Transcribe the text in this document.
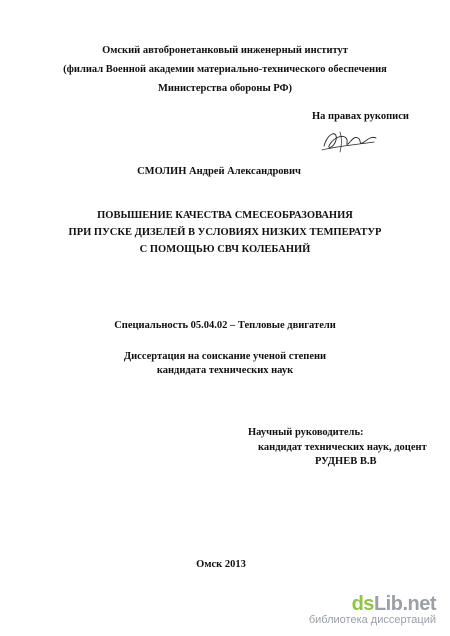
Омский автобронетанковый инженерный институт
(филиал Военной академии материально-технического обеспечения
Министерства обороны РФ)
На правах рукописи
СМОЛИН Андрей Александрович
ПОВЫШЕНИЕ КАЧЕСТВА СМЕСЕОБРАЗОВАНИЯ
ПРИ ПУСКЕ ДИЗЕЛЕЙ В УСЛОВИЯХ НИЗКИХ ТЕМПЕРАТУР
С ПОМОЩЬЮ СВЧ КОЛЕБАНИЙ
Специальность 05.04.02 – Тепловые двигатели
Диссертация на соискание ученой степени
кандидата технических наук
Научный руководитель:
кандидат технических наук, доцент
РУДНЕВ В.В
Омск 2013
dsLib.net
библиотека диссертаций
